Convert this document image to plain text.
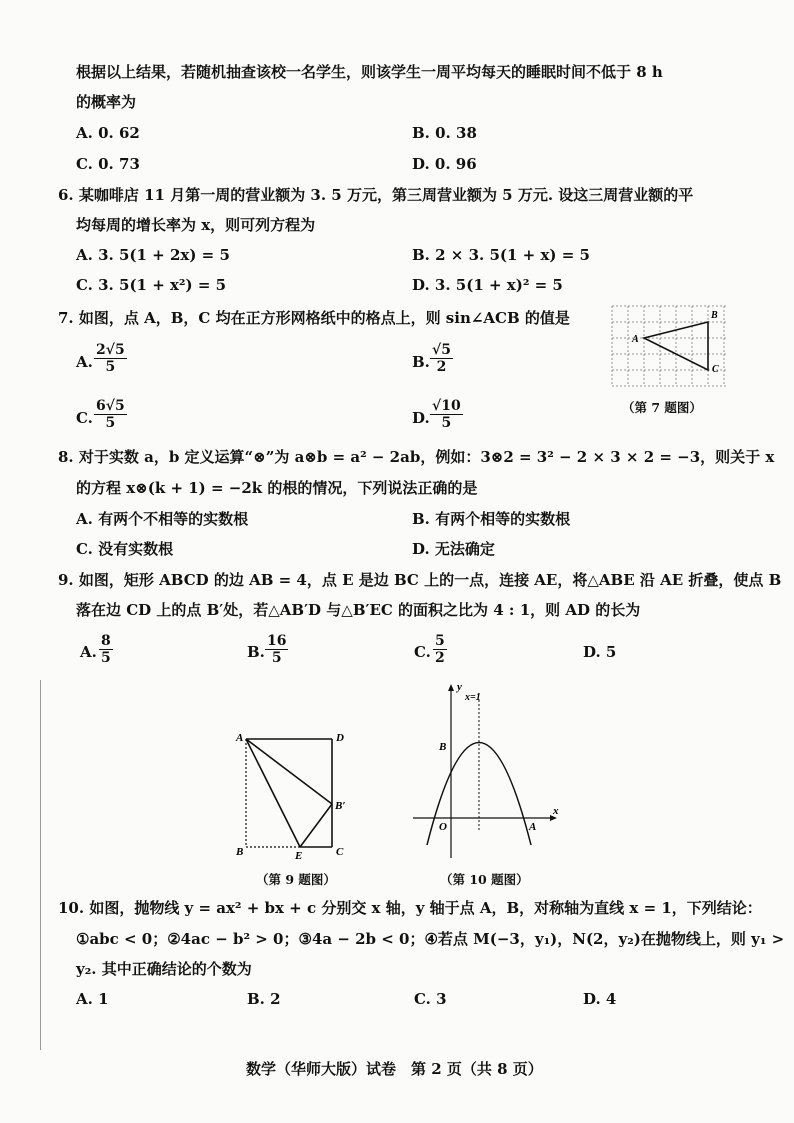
根据以上结果，若随机抽查该校一名学生，则该学生一周平均每天的睡眠时间不低于 8 h
的概率为
A. 0. 62	B. 0. 38
C. 0. 73	D. 0. 96
6. 某咖啡店 11 月第一周的营业额为 3. 5 万元，第三周营业额为 5 万元. 设这三周营业额的平
均每周的增长率为 x，则可列方程为
A. 3. 5(1 + 2x) = 5	B. 2 × 3. 5(1 + x) = 5
C. 3. 5(1 + x²) = 5	D. 3. 5(1 + x)² = 5
7. 如图，点 A，B，C 均在正方形网格纸中的格点上，则 sin∠ACB 的值是
A. $\frac{2√5}{5}$	B. $\frac{√5}{2}$
C. $\frac{6√5}{5}$	D. $\frac{√10}{5}$
A
B
C
（第 7 题图）
8. 对于实数 a，b 定义运算“⊗”为 a⊗b = a² − 2ab，例如：3⊗2 = 3² − 2 × 3 × 2 = −3，则关于 x
的方程 x⊗(k + 1) = −2k 的根的情况，下列说法正确的是
A. 有两个不相等的实数根	B. 有两个相等的实数根
C. 没有实数根	D. 无法确定
9. 如图，矩形 ABCD 的边 AB = 4，点 E 是边 BC 上的一点，连接 AE，将△ABE 沿 AE 折叠，使点 B
落在边 CD 上的点 B′处，若△AB′D 与△B′EC 的面积之比为 4 : 1，则 AD 的长为
A. $\frac{8}{5}$	B. $\frac{16}{5}$	C. $\frac{5}{2}$	D. 5
A	D
B′
B	E	C
（第 9 题图）
y
x
x=1
O	A
B
（第 10 题图）
10. 如图，抛物线 y = ax² + bx + c 分别交 x 轴，y 轴于点 A，B，对称轴为直线 x = 1，下列结论：
①abc < 0；②4ac − b² > 0；③4a − 2b < 0；④若点 M(−3，y₁)，N(2，y₂)在抛物线上，则 y₁ >
y₂. 其中正确结论的个数为
A. 1	B. 2	C. 3	D. 4
数学（华师大版）试卷　第 2 页（共 8 页）
